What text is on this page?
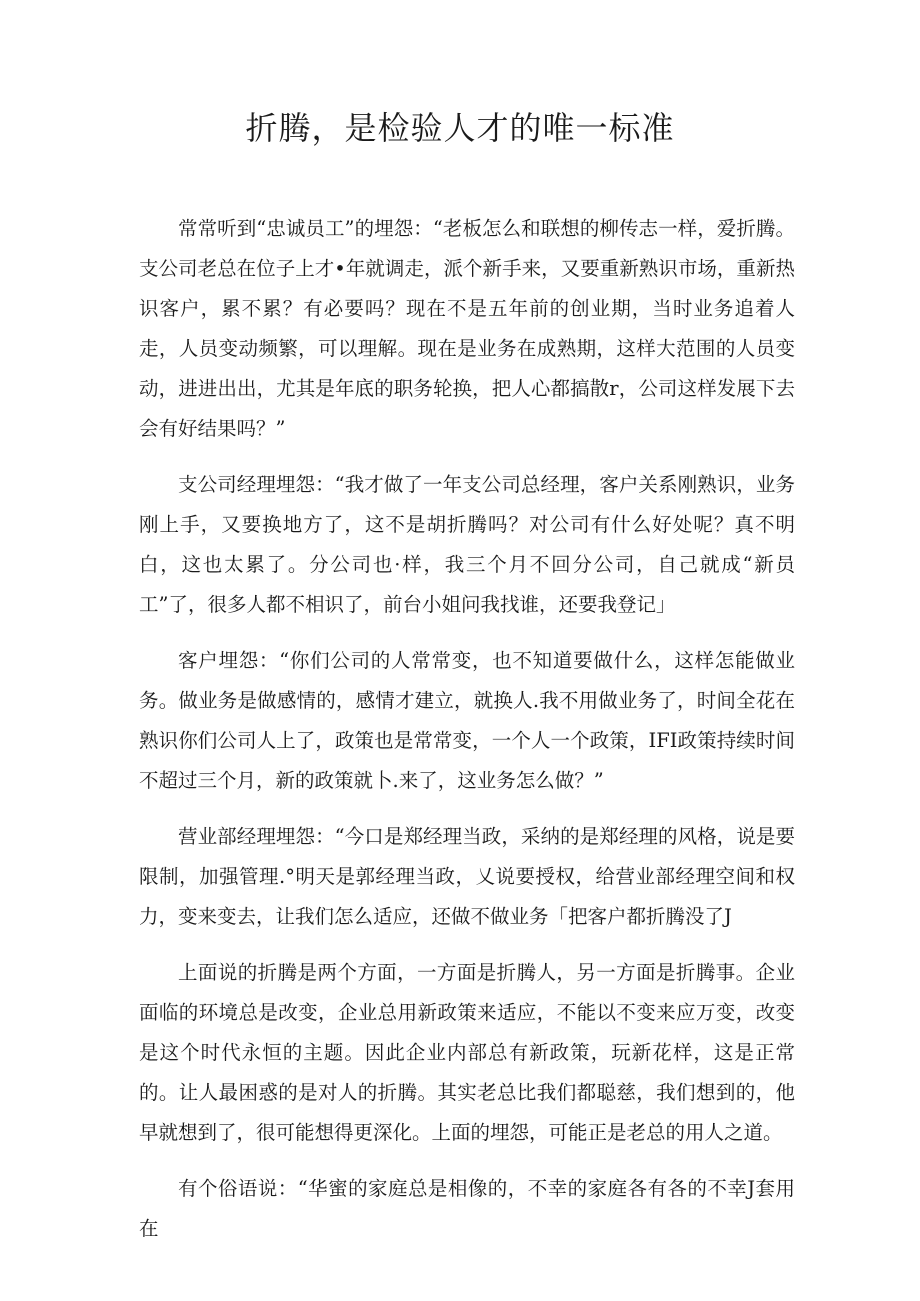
折腾，是检验人才的唯一标准

常常听到“忠诚员工”的埋怨：“老板怎么和联想的柳传志一样，爱折腾。支公司老总在位子上才•年就调走，派个新手来，又要重新熟识市场，重新热识客户，累不累？有必要吗？现在不是五年前的创业期，当时业务追着人走，人员变动频繁，可以理解。现在是业务在成熟期，这样大范围的人员变动，进进出出，尤其是年底的职务轮换，把人心都搞散r，公司这样发展下去会有好结果吗？”

支公司经理埋怨：“我才做了一年支公司总经理，客户关系刚熟识，业务刚上手，又要换地方了，这不是胡折腾吗？对公司有什么好处呢？真不明白，这也太累了。分公司也·样，我三个月不回分公司，自己就成“新员工”了，很多人都不相识了，前台小姐问我找谁，还要我登记」

客户埋怨：“你们公司的人常常变，也不知道要做什么，这样怎能做业务。做业务是做感情的，感情才建立，就换人.我不用做业务了，时间全花在熟识你们公司人上了，政策也是常常变，一个人一个政策，IFI政策持续时间不超过三个月，新的政策就卜.来了，这业务怎么做？”

营业部经理埋怨：“今口是郑经理当政，采纳的是郑经理的风格，说是要限制，加强管理.°明天是郭经理当政，乂说要授权，给营业部经理空间和权力，变来变去，让我们怎么适应，还做不做业务「把客户都折腾没了J

上面说的折腾是两个方面，一方面是折腾人，另一方面是折腾事。企业面临的环境总是改变，企业总用新政策来适应，不能以不变来应万变，改变是这个时代永恒的主题。因此企业内部总有新政策，玩新花样，这是正常的。让人最困惑的是对人的折腾。其实老总比我们都聪慈，我们想到的，他早就想到了，很可能想得更深化。上面的埋怨，可能正是老总的用人之道。

有个俗语说：“华蜜的家庭总是相像的，不幸的家庭各有各的不幸J套用在
